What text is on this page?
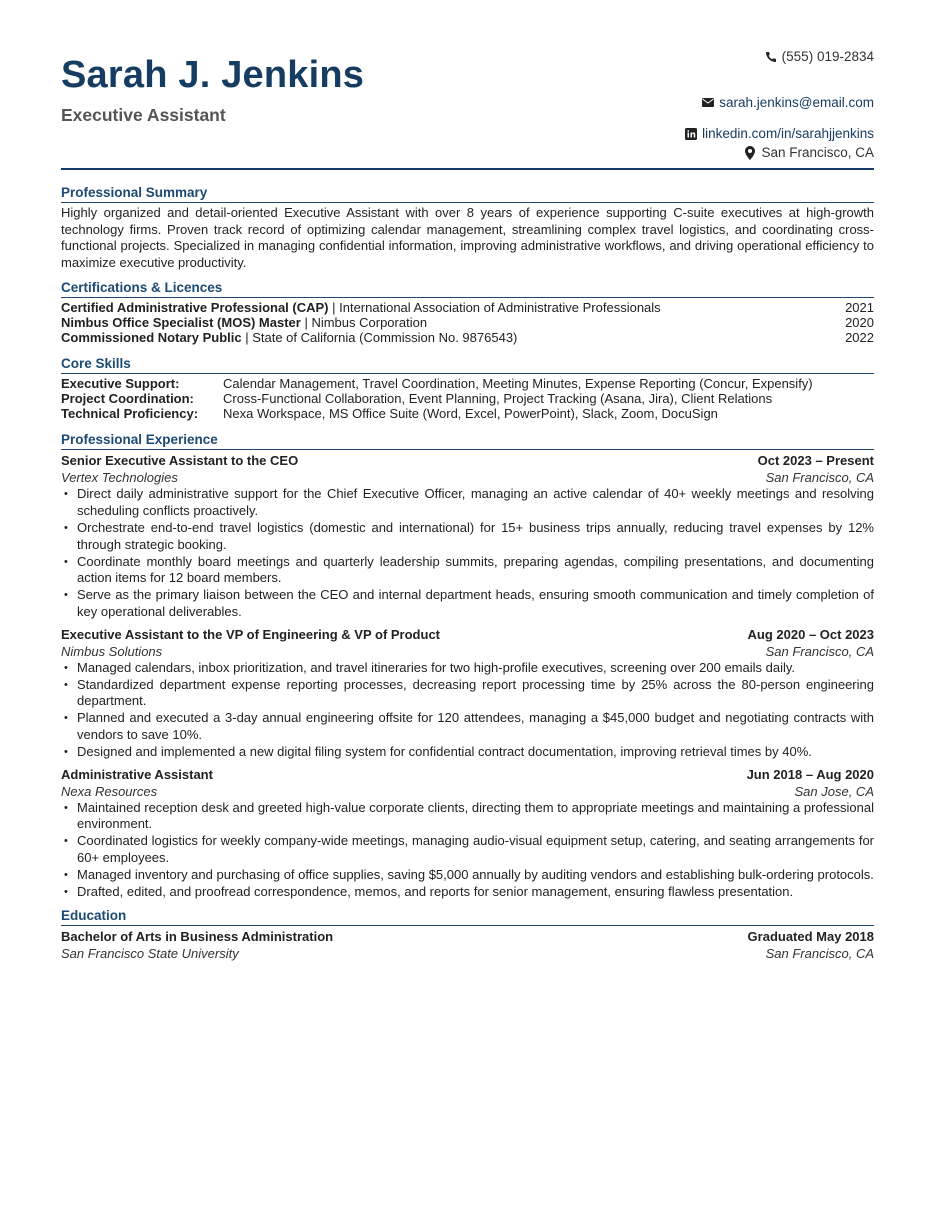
Sarah J. Jenkins
Executive Assistant
(555) 019-2834
sarah.jenkins@email.com
linkedin.com/in/sarahjjenkins
San Francisco, CA
Professional Summary

Highly organized and detail-oriented Executive Assistant with over 8 years of experience supporting C-suite executives at high-growth technology firms. Proven track record of optimizing calendar management, streamlining complex travel logistics, and coordinating cross-functional projects. Specialized in managing confidential information, improving administrative workflows, and driving operational efficiency to maximize executive productivity.

Certifications & Licences
Certified Administrative Professional (CAP) | International Association of Administrative Professionals	2021
Nimbus Office Specialist (MOS) Master | Nimbus Corporation	2020
Commissioned Notary Public | State of California (Commission No. 9876543)	2022
Core Skills
Executive Support:	Calendar Management, Travel Coordination, Meeting Minutes, Expense Reporting (Concur, Expensify)
Project Coordination:	Cross-Functional Collaboration, Event Planning, Project Tracking (Asana, Jira), Client Relations
Technical Proficiency:	Nexa Workspace, MS Office Suite (Word, Excel, PowerPoint), Slack, Zoom, DocuSign
Professional Experience
Senior Executive Assistant to the CEO	Oct 2023 – Present
Vertex Technologies	San Francisco, CA
• Direct daily administrative support for the Chief Executive Officer, managing an active calendar of 40+ weekly meetings and resolving scheduling conflicts proactively.
• Orchestrate end-to-end travel logistics (domestic and international) for 15+ business trips annually, reducing travel expenses by 12% through strategic booking.
• Coordinate monthly board meetings and quarterly leadership summits, preparing agendas, compiling presentations, and documenting action items for 12 board members.
• Serve as the primary liaison between the CEO and internal department heads, ensuring smooth communication and timely completion of key operational deliverables.
Executive Assistant to the VP of Engineering & VP of Product	Aug 2020 – Oct 2023
Nimbus Solutions	San Francisco, CA
• Managed calendars, inbox prioritization, and travel itineraries for two high-profile executives, screening over 200 emails daily.
• Standardized department expense reporting processes, decreasing report processing time by 25% across the 80-person engineering department.
• Planned and executed a 3-day annual engineering offsite for 120 attendees, managing a $45,000 budget and negotiating contracts with vendors to save 10%.
• Designed and implemented a new digital filing system for confidential contract documentation, improving retrieval times by 40%.
Administrative Assistant	Jun 2018 – Aug 2020
Nexa Resources	San Jose, CA
• Maintained reception desk and greeted high-value corporate clients, directing them to appropriate meetings and maintaining a professional environment.
• Coordinated logistics for weekly company-wide meetings, managing audio-visual equipment setup, catering, and seating arrangements for 60+ employees.
• Managed inventory and purchasing of office supplies, saving $5,000 annually by auditing vendors and establishing bulk-ordering protocols.
• Drafted, edited, and proofread correspondence, memos, and reports for senior management, ensuring flawless presentation.
Education
Bachelor of Arts in Business Administration	Graduated May 2018
San Francisco State University	San Francisco, CA
